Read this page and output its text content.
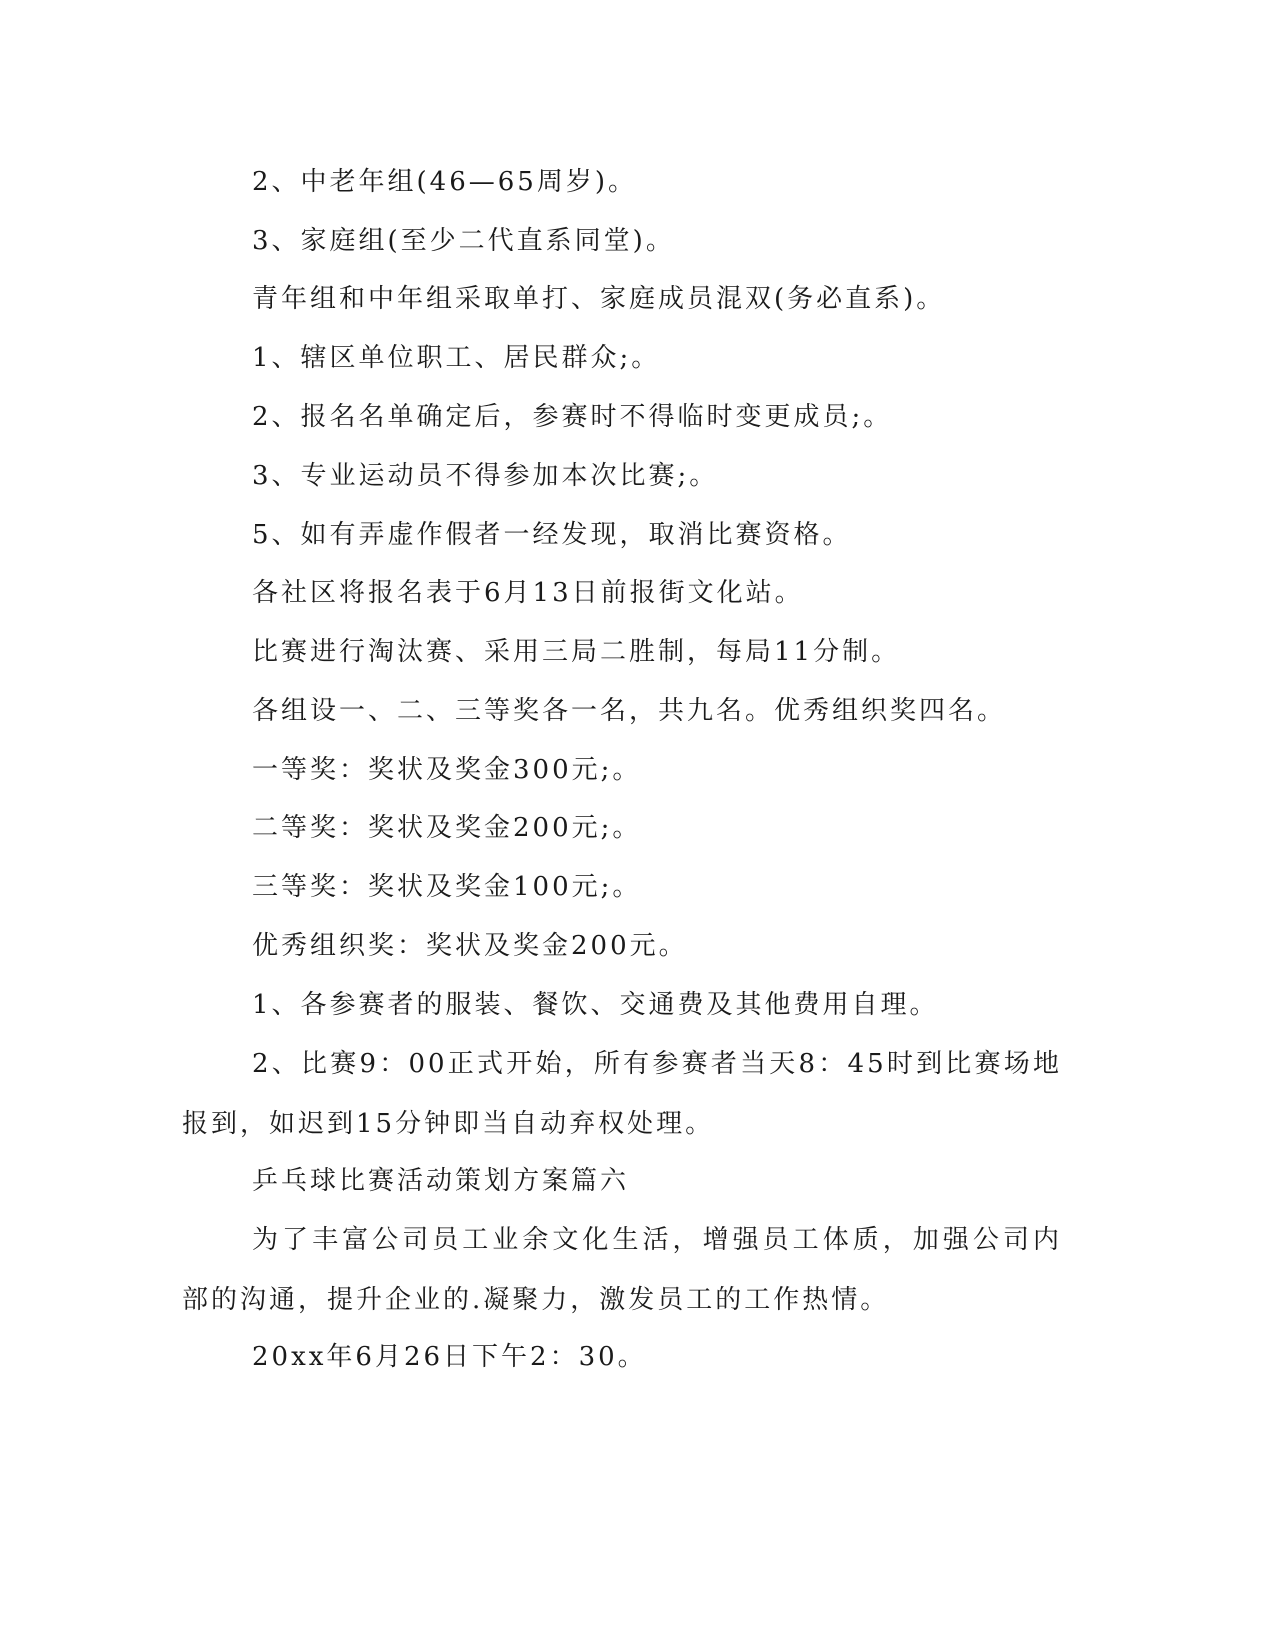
2、中老年组(46—65周岁)。

3、家庭组(至少二代直系同堂)。

青年组和中年组采取单打、家庭成员混双(务必直系)。

1、辖区单位职工、居民群众;。

2、报名名单确定后，参赛时不得临时变更成员;。

3、专业运动员不得参加本次比赛;。

5、如有弄虚作假者一经发现，取消比赛资格。

各社区将报名表于6月13日前报街文化站。

比赛进行淘汰赛、采用三局二胜制，每局11分制。

各组设一、二、三等奖各一名，共九名。优秀组织奖四名。

一等奖：奖状及奖金300元;。

二等奖：奖状及奖金200元;。

三等奖：奖状及奖金100元;。

优秀组织奖：奖状及奖金200元。

1、各参赛者的服装、餐饮、交通费及其他费用自理。

2、比赛9：00正式开始，所有参赛者当天8：45时到比赛场地报到，如迟到15分钟即当自动弃权处理。

乒乓球比赛活动策划方案篇六

为了丰富公司员工业余文化生活，增强员工体质，加强公司内部的沟通，提升企业的.凝聚力，激发员工的工作热情。

20xx年6月26日下午2：30。
